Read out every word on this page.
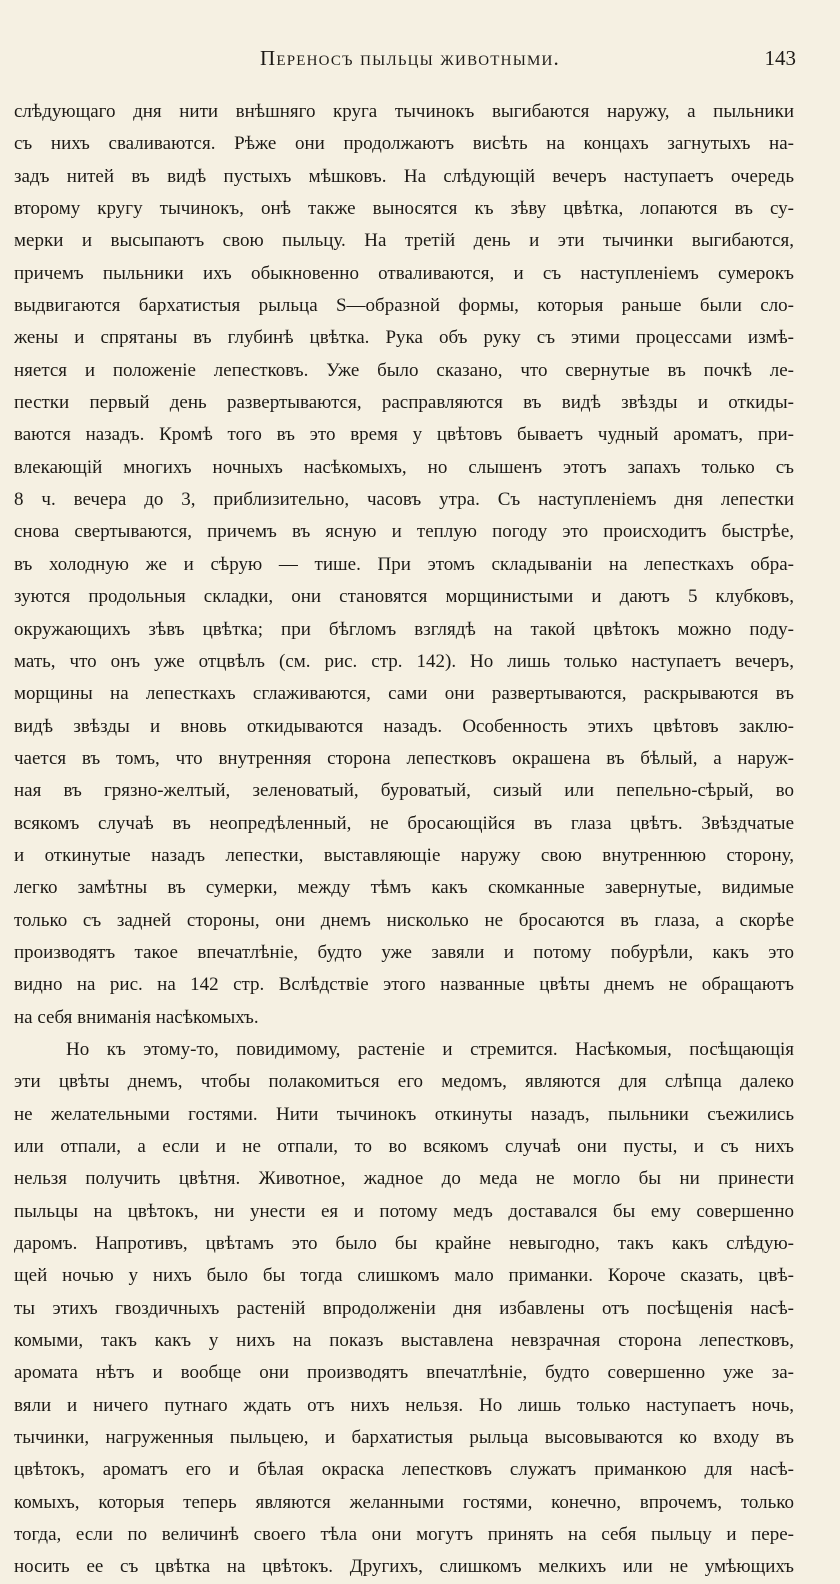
Переносъ пыльцы животными.	143
слѣдующаго дня нити внѣшняго круга тычинокъ выгибаются наружу, а пыльники
съ нихъ сваливаются. Рѣже они продолжаютъ висѣть на концахъ загнутыхъ на-
задъ нитей въ видѣ пустыхъ мѣшковъ. На слѣдующій вечеръ наступаетъ очередь
второму кругу тычинокъ, онѣ также выносятся къ зѣву цвѣтка, лопаются въ су-
мерки и высыпаютъ свою пыльцу. На третій день и эти тычинки выгибаются,
причемъ пыльники ихъ обыкновенно отваливаются, и съ наступленіемъ сумерокъ
выдвигаются бархатистыя рыльца S—образной формы, которыя раньше были сло-
жены и спрятаны въ глубинѣ цвѣтка. Рука объ руку съ этими процессами измѣ-
няется и положеніе лепестковъ. Уже было сказано, что свернутые въ почкѣ ле-
пестки первый день развертываются, расправляются въ видѣ звѣзды и откиды-
ваются назадъ. Кромѣ того въ это время у цвѣтовъ бываетъ чудный ароматъ, при-
влекающій многихъ ночныхъ насѣкомыхъ, но слышенъ этотъ запахъ только съ
8 ч. вечера до 3, приблизительно, часовъ утра. Съ наступленіемъ дня лепестки
снова свертываются, причемъ въ ясную и теплую погоду это происходитъ быстрѣе,
въ холодную же и сѣрую — тише. При этомъ складываніи на лепесткахъ обра-
зуются продольныя складки, они становятся морщинистыми и даютъ 5 клубковъ,
окружающихъ зѣвъ цвѣтка; при бѣгломъ взглядѣ на такой цвѣтокъ можно поду-
мать, что онъ уже отцвѣлъ (см. рис. стр. 142). Но лишь только наступаетъ вечеръ,
морщины на лепесткахъ сглаживаются, сами они развертываются, раскрываются въ
видѣ звѣзды и вновь откидываются назадъ. Особенность этихъ цвѣтовъ заклю-
чается въ томъ, что внутренняя сторона лепестковъ окрашена въ бѣлый, а наруж-
ная въ грязно-желтый, зеленоватый, буроватый, сизый или пепельно-сѣрый, во
всякомъ случаѣ въ неопредѣленный, не бросающійся въ глаза цвѣтъ. Звѣздчатые
и откинутые назадъ лепестки, выставляющіе наружу свою внутреннюю сторону,
легко замѣтны въ сумерки, между тѣмъ какъ скомканные завернутые, видимые
только съ задней стороны, они днемъ нисколько не бросаются въ глаза, а скорѣе
производятъ такое впечатлѣніе, будто уже завяли и потому побурѣли, какъ это
видно на рис. на 142 стр. Вслѣдствіе этого названные цвѣты днемъ не обращаютъ
на себя вниманія насѣкомыхъ.
Но къ этому-то, повидимому, растеніе и стремится. Насѣкомыя, посѣщающія
эти цвѣты днемъ, чтобы полакомиться его медомъ, являются для слѣпца далеко
не желательными гостями. Нити тычинокъ откинуты назадъ, пыльники съежились
или отпали, а если и не отпали, то во всякомъ случаѣ они пусты, и съ нихъ
нельзя получить цвѣтня. Животное, жадное до меда не могло бы ни принести
пыльцы на цвѣтокъ, ни унести ея и потому медъ доставался бы ему совершенно
даромъ. Напротивъ, цвѣтамъ это было бы крайне невыгодно, такъ какъ слѣдую-
щей ночью у нихъ было бы тогда слишкомъ мало приманки. Короче сказать, цвѣ-
ты этихъ гвоздичныхъ растеній впродолженіи дня избавлены отъ посѣщенія насѣ-
комыми, такъ какъ у нихъ на показъ выставлена невзрачная сторона лепестковъ,
аромата нѣтъ и вообще они производятъ впечатлѣніе, будто совершенно уже за-
вяли и ничего путнаго ждать отъ нихъ нельзя. Но лишь только наступаетъ ночь,
тычинки, нагруженныя пыльцею, и бархатистыя рыльца высовываются ко входу въ
цвѣтокъ, ароматъ его и бѣлая окраска лепестковъ служатъ приманкою для насѣ-
комыхъ, которыя теперь являются желанными гостями, конечно, впрочемъ, только
тогда, если по величинѣ своего тѣла они могутъ принять на себя пыльцу и пере-
носить ее съ цвѣтка на цвѣтокъ. Другихъ, слишкомъ мелкихъ или не умѣющихъ
